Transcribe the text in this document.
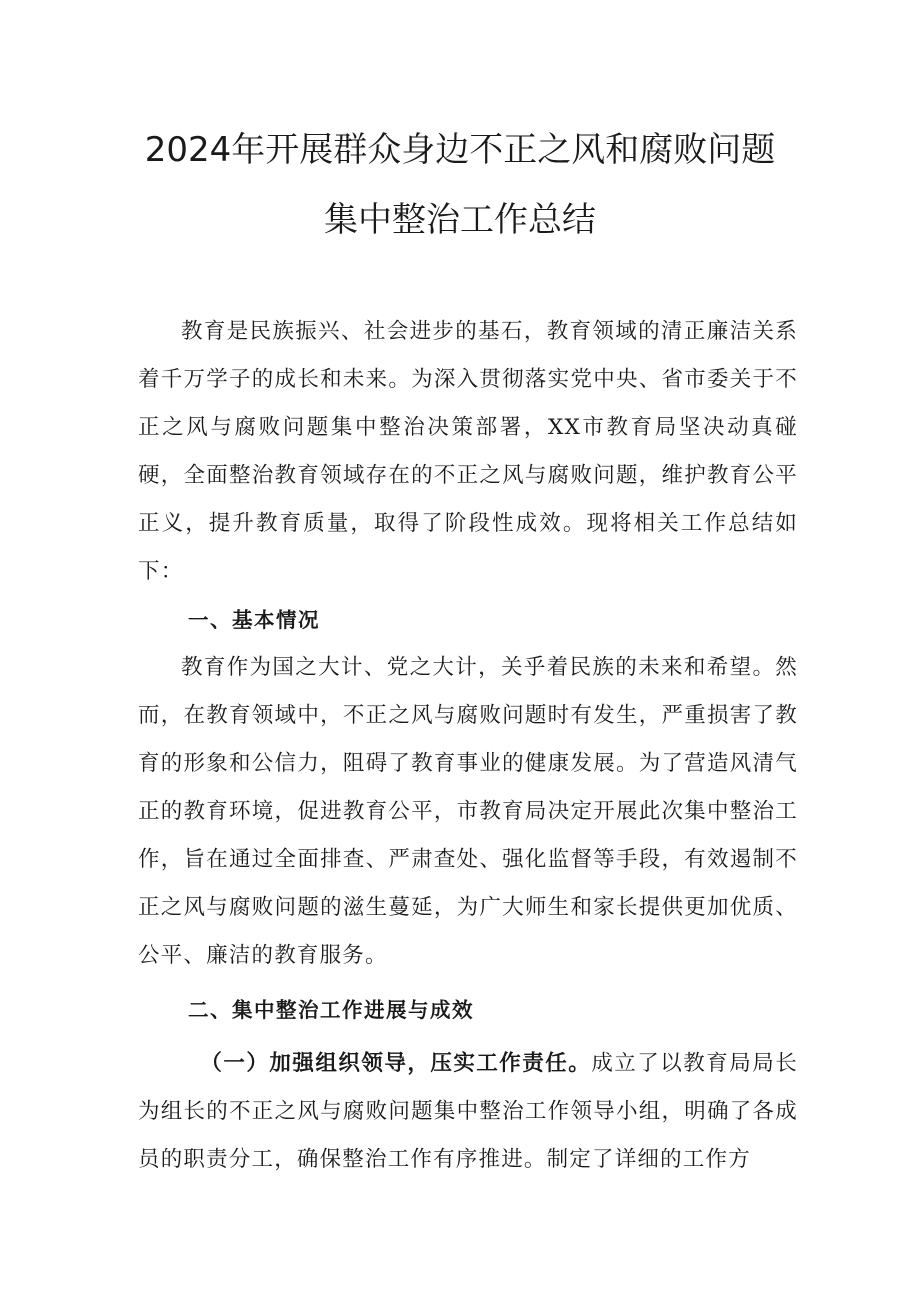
2024年开展群众身边不正之风和腐败问题
集中整治工作总结

教育是民族振兴、社会进步的基石，教育领域的清正廉洁关系着千万学子的成长和未来。为深入贯彻落实党中央、省市委关于不正之风与腐败问题集中整治决策部署，XX市教育局坚决动真碰硬，全面整治教育领域存在的不正之风与腐败问题，维护教育公平正义，提升教育质量，取得了阶段性成效。现将相关工作总结如下：

一、基本情况

教育作为国之大计、党之大计，关乎着民族的未来和希望。然而，在教育领域中，不正之风与腐败问题时有发生，严重损害了教育的形象和公信力，阻碍了教育事业的健康发展。为了营造风清气正的教育环境，促进教育公平，市教育局决定开展此次集中整治工作，旨在通过全面排查、严肃查处、强化监督等手段，有效遏制不正之风与腐败问题的滋生蔓延，为广大师生和家长提供更加优质、公平、廉洁的教育服务。

二、集中整治工作进展与成效

（一）加强组织领导，压实工作责任。成立了以教育局局长为组长的不正之风与腐败问题集中整治工作领导小组，明确了各成员的职责分工，确保整治工作有序推进。制定了详细的工作方
